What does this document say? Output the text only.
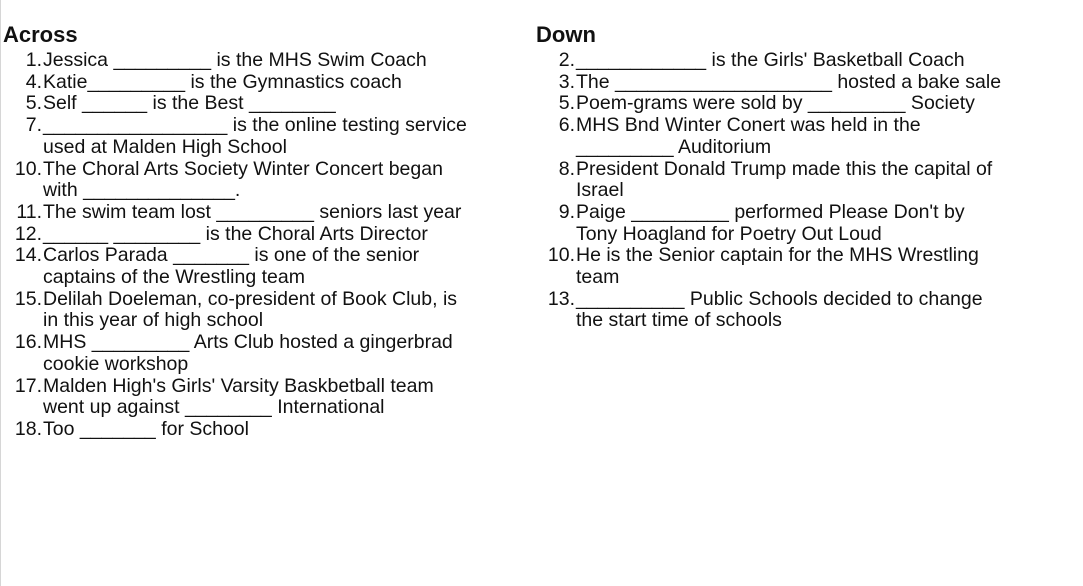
Across
1. Jessica _________ is the MHS Swim Coach
4. Katie_________ is the Gymnastics coach
5. Self ______ is the Best ________
7. _________________ is the online testing service
used at Malden High School
10. The Choral Arts Society Winter Concert began
with ______________.
11. The swim team lost _________ seniors last year
12. ______ ________ is the Choral Arts Director
14. Carlos Parada _______ is one of the senior
captains of the Wrestling team
15. Delilah Doeleman, co-president of Book Club, is
in this year of high school
16. MHS _________ Arts Club hosted a gingerbrad
cookie workshop
17. Malden High's Girls' Varsity Baskbetball team
went up against ________ International
18. Too _______ for School
Down
2. ____________ is the Girls' Basketball Coach
3. The ____________________ hosted a bake sale
5. Poem-grams were sold by _________ Society
6. MHS Bnd Winter Conert was held in the
_________ Auditorium
8. President Donald Trump made this the capital of
Israel
9. Paige _________ performed Please Don't by
Tony Hoagland for Poetry Out Loud
10. He is the Senior captain for the MHS Wrestling
team
13. __________ Public Schools decided to change
the start time of schools
